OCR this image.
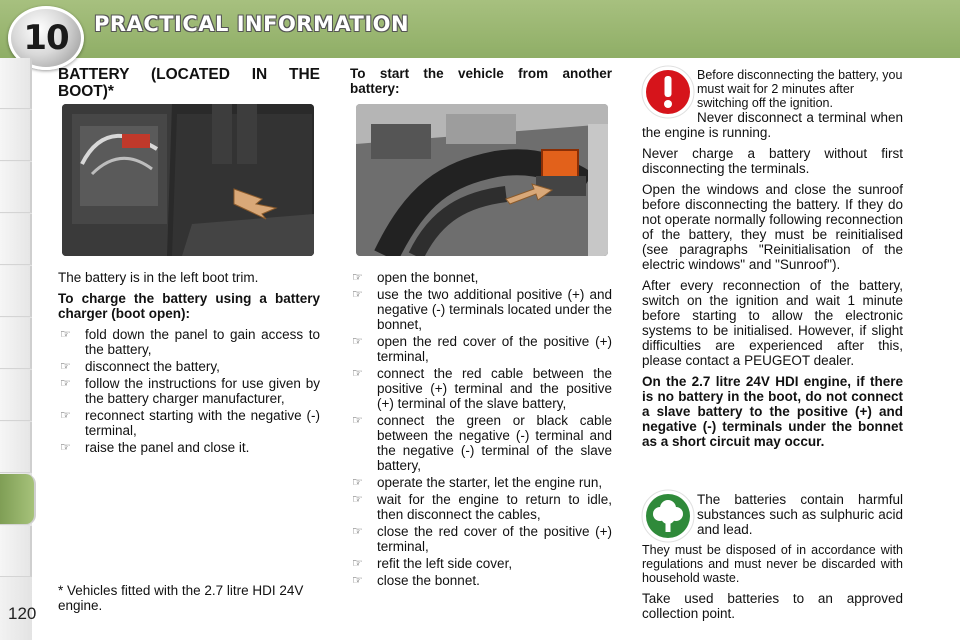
10	PRACTICAL INFORMATION
120

BATTERY (LOCATED IN THE BOOT)*

The battery is in the left boot trim.

To charge the battery using a battery charger (boot open):

☞ fold down the panel to gain access to the battery,
☞ disconnect the battery,
☞ follow the instructions for use given by the battery charger manufacturer,
☞ reconnect starting with the negative (-) terminal,
☞ raise the panel and close it.
* Vehicles fitted with the 2.7 litre HDI 24V engine.

To start the vehicle from another battery:

☞ open the bonnet,
☞ use the two additional positive (+) and negative (-) terminals located under the bonnet,
☞ open the red cover of the positive (+) terminal,
☞ connect the red cable between the positive (+) terminal and the positive (+) terminal of the slave battery,
☞ connect the green or black cable between the negative (-) terminal and the negative (-) terminal of the slave battery,
☞ operate the starter, let the engine run,
☞ wait for the engine to return to idle, then disconnect the cables,
☞ close the red cover of the positive (+) terminal,
☞ refit the left side cover,
☞ close the bonnet.

Before disconnecting the battery, you must wait for 2 minutes after switching off the ignition.

Never disconnect a terminal when the engine is running.

Never charge a battery without first disconnecting the terminals.

Open the windows and close the sunroof before disconnecting the battery. If they do not operate normally following reconnection of the battery, they must be reinitialised (see paragraphs "Reinitialisation of the electric windows" and "Sunroof").

After every reconnection of the battery, switch on the ignition and wait 1 minute before starting to allow the electronic systems to be initialised. However, if slight difficulties are experienced after this, please contact a PEUGEOT dealer.

On the 2.7 litre 24V HDI engine, if there is no battery in the boot, do not connect a slave battery to the positive (+) and negative (-) terminals under the bonnet as a short circuit may occur.

The batteries contain harmful substances such as sulphuric acid and lead.

They must be disposed of in accordance with regulations and must never be discarded with household waste.

Take used batteries to an approved collection point.
